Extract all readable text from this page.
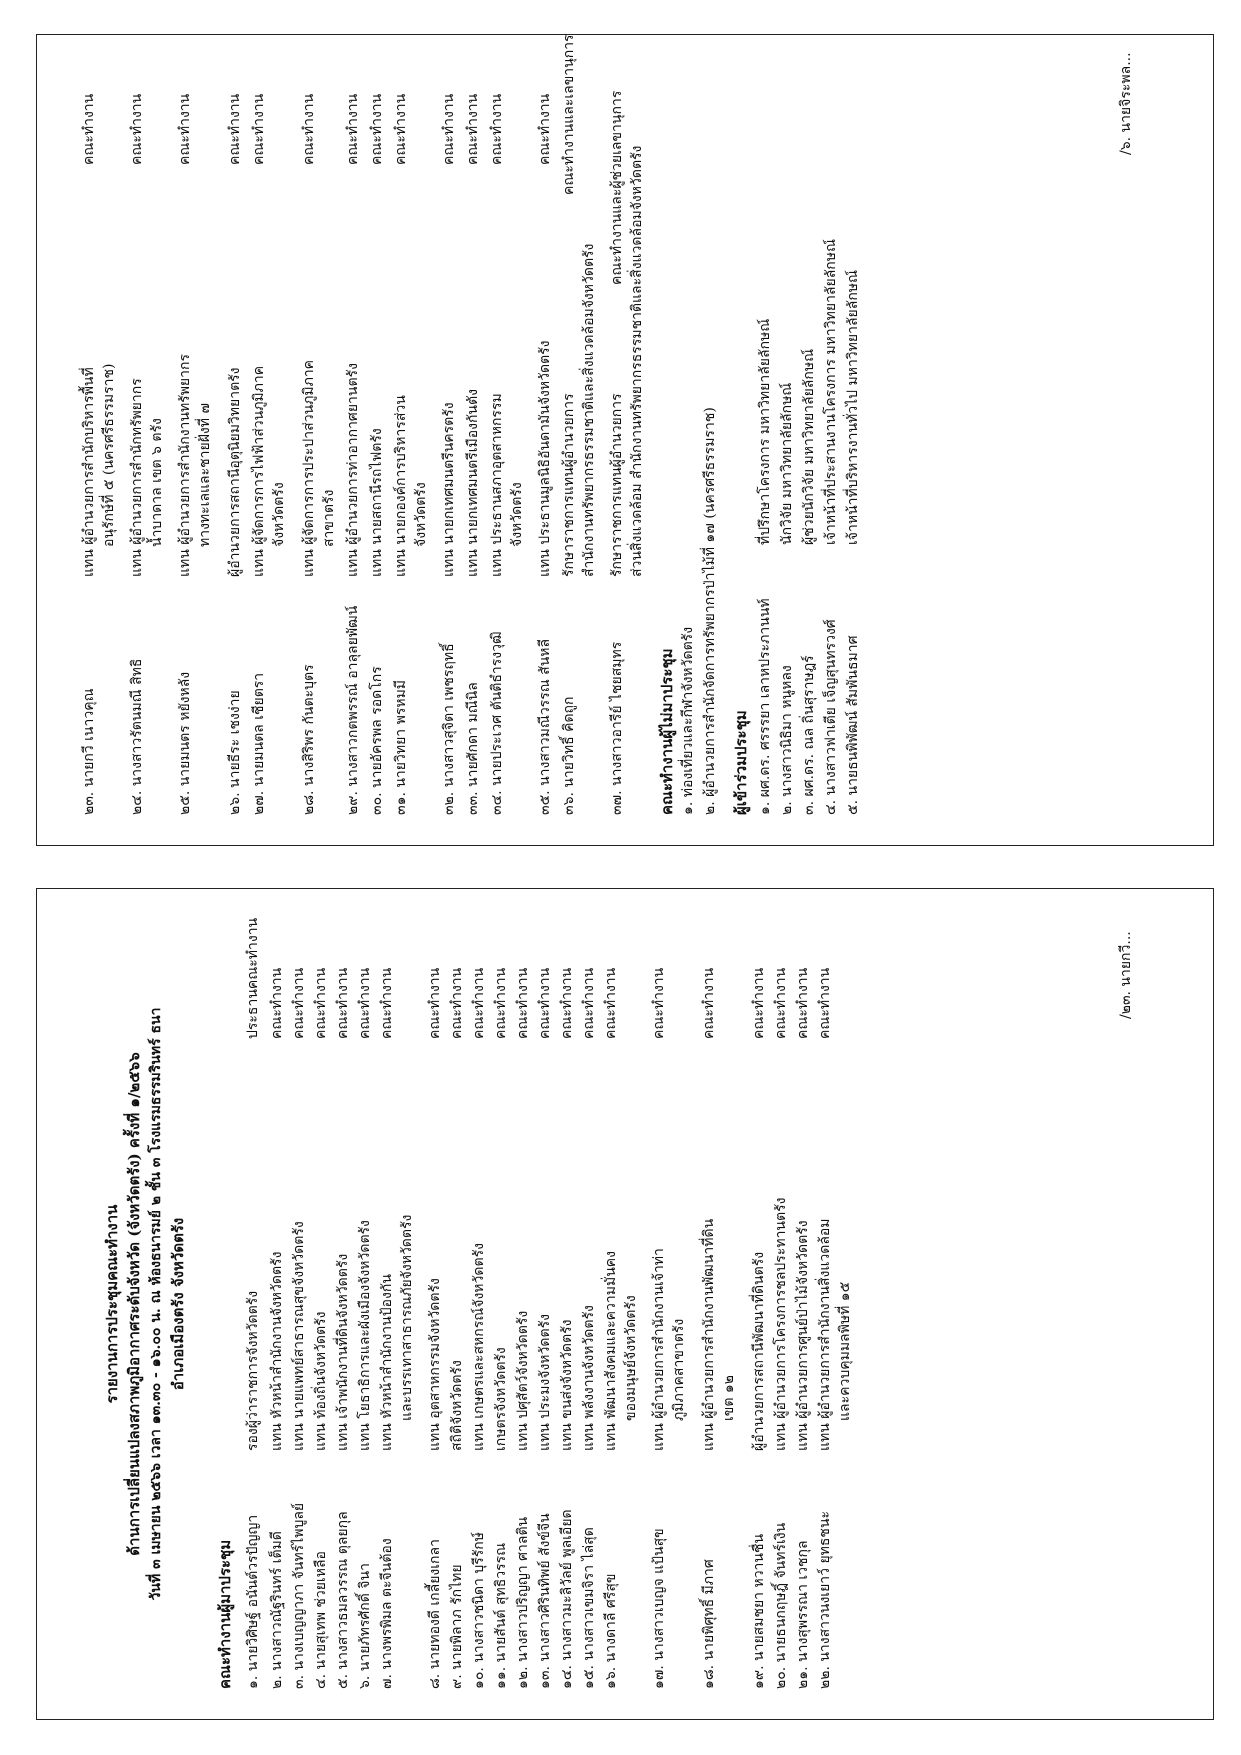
๒๓. นายกวี เนาวคุณ
แทน ผู้อำนวยการสำนักบริหารพื้นที่
คณะทำงาน
อนุรักษ์ที่ ๕ (นครศรีธรรมราช)
๒๔. นางสาวรัตนมณี สิทธิ
แทน ผู้อำนวยการสำนักทรัพยากร
คณะทำงาน
น้ำบาดาล เขต ๖ ตรัง
๒๕. นายมนตร หยังหลัง
แทน ผู้อำนวยการสำนักงานทรัพยากร
คณะทำงาน
ทางทะเลและชายฝั่งที่ ๗
๒๖. นายธีระ เชงง่าย
ผู้อำนวยการสถานีอุตุนิยมวิทยาตรัง
คณะทำงาน
๒๗. นายมนตล เชียตรา
แทน ผู้จัดการการไฟฟ้าส่วนภูมิภาค
คณะทำงาน
จังหวัดตรัง
๒๘. นางสิริพร กันตะบุตร
แทน ผู้จัดการการประปาส่วนภูมิภาค
คณะทำงาน
สาขาตรัง
๒๙. นางสาวกตพรรณ์ อาลุลยพัฒน์
แทน ผู้อำนวยการท่าอากาศยานตรัง
คณะทำงาน
๓๐. นายอัครพล รอดโกร
แทน นายสถานีรถไฟตรัง
คณะทำงาน
๓๑. นายวิทยา พรหมมี
แทน นายกองค์การบริหารส่วน
คณะทำงาน
จังหวัดตรัง
๓๒. นางสาวสุจิตา เพชรฤทธิ์
แทน นายกเทศมนตรีนครตรัง
คณะทำงาน
๓๓. นายศักดา มณีนิล
แทน นายกเทศมนตรีเมืองกันตัง
คณะทำงาน
๓๔. นายประเวศ ตันติธำรงวุฒิ
แทน ประธานสภาอุตสาหกรรม
คณะทำงาน
จังหวัดตรัง
๓๕. นางสาวมณีวรรณ สันหลี
แทน ประธานมูลนิธิอันดามันจังหวัดตรัง
คณะทำงาน
๓๖. นายวิทธิ์ คิดถูก
รักษาราชการแทนผู้อำนวยการ
คณะทำงานและเลขานุการ
สำนักงานทรัพยากรธรรมชาติและสิ่งแวดล้อมจังหวัดตรัง
๓๗. นางสาวอารีย์ ไชยสมุทร
รักษาราชการแทนผู้อำนวยการ
คณะทำงานและผู้ช่วยเลขานุการ ส่วนสิ่งแวดล้อม สำนักงานทรัพยากรธรรมชาติและสิ่งแวดล้อมจังหวัดตรัง
คณะทำงานผู้ไม่มาประชุม ๑. ท่องเที่ยวและกีฬาจังหวัดตรัง ๒. ผู้อำนวยการสำนักจัดการทรัพยากรป่าไม้ที่ ๑๗ (นครศรีธรรมราช) ผู้เข้าร่วมประชุม ๑. ผศ.ดร. ศรรรยา เลาหประภานนท์
ที่ปรึกษาโครงการ มหาวิทยาลัยลักษณ์
๒. นางสาวนิธิมา หนูหลง
นักวิจัย มหาวิทยาลัยลักษณ์
๓. ผศ.ดร. ณล ถิ่นสุราษฎร์
ผู้ช่วยนักวิจัย มหาวิทยาลัยลักษณ์
๔. นางสาวฟาเตีย เจ็ญสุนทรวงศ์
เจ้าหน้าที่ประสานงานโครงการ มหาวิทยาลัยลักษณ์
๕. นายธนพิพัฒน์ สัมพันธมาศ
เจ้าหน้าที่บริหารงานทั่วไป มหาวิทยาลัยลักษณ์
/๖. นายจิระพล...
รายงานการประชุมคณะทำงาน ด้านการเปลี่ยนแปลงสภาพภูมิอากาศระดับจังหวัด (จังหวัดตรัง) ครั้งที่ ๑/๒๕๖๖ วันที่ ๓ เมษายน ๒๕๖๖ เวลา ๑๓.๓๐ - ๑๖.๐๐ น. ณ ห้องธนารมย์ ๒ ชั้น ๓ โรงแรมธรรมรินทร์ ธนา อำเภอเมืองตรัง จังหวัดตรัง
คณะทำงานผู้มาประชุม ๑. นายวิศิษฐ์ อนันต์วรปัญญา
รองผู้ว่าราชการจังหวัดตรัง
ประธานคณะทำงาน
๒. นางสาวณัฐรินทร์ เต็มดี
แทน หัวหน้าสำนักงานจังหวัดตรัง
คณะทำงาน
๓. นางเบญญาภา จันทร์ไพบูลย์
แทน นายแพทย์สาธารณสุขจังหวัดตรัง
คณะทำงาน
๔. นายสุเทพ ช่วยเหลือ
แทน ท้องถิ่นจังหวัดตรัง
คณะทำงาน
๕. นางสาวธมลวรรณ ตุลยกุล
แทน เจ้าพนักงานที่ดินจังหวัดตรัง
คณะทำงาน
๖. นายภัทรศักดิ์ จินา
แทน โยธาธิการและผังเมืองจังหวัดตรัง
คณะทำงาน
๗. นางพรพิมล ตะจีนต้อง
แทน หัวหน้าสำนักงานป้องกัน
คณะทำงาน
และบรรเทาสาธารณภัยจังหวัดตรัง
๘. นายทองดี เกลี้ยงเกลา
แทน อุตสาหกรรมจังหวัดตรัง
คณะทำงาน
๙. นายพิลาภ รักไทย
สถิติจังหวัดตรัง
คณะทำงาน
๑๐. นางสาวชนิดา บุรีรักษ์
แทน เกษตรและสหกรณ์จังหวัดตรัง
คณะทำงาน
๑๑. นายสันต์ สุทธิวรรณ
เกษตรจังหวัดตรัง
คณะทำงาน
๑๒. นางสาวปริญญา ศาลติน
แทน ปศุสัตว์จังหวัดตรัง
คณะทำงาน
๑๓. นางสาวศิรินทิพย์ สังข์จีน
แทน ประมงจังหวัดตรัง
คณะทำงาน
๑๔. นางสาวมะลิวัลย์ พูลเอียด
แทน ขนส่งจังหวัดตรัง
คณะทำงาน
๑๕. นางสาวเขมจิรา ไล่สุด
แทน พลังงานจังหวัดตรัง
คณะทำงาน
๑๖. นางดาลี ศรีสุข
แทน พัฒนาสังคมและความมั่นคง
คณะทำงาน
ของมนุษย์จังหวัดตรัง
๑๗. นางสาวเบญจ แป้นสุข
แทน ผู้อำนวยการสำนักงานเจ้าท่า
คณะทำงาน
ภูมิภาคสาขาตรัง
๑๘. นายพิศุทธิ์ มีภาศ
แทน ผู้อำนวยการสำนักงานพัฒนาที่ดิน
คณะทำงาน
เขต ๑๒
๑๙. นายสมชยา หวานชื่น
ผู้อำนวยการสถานีพัฒนาที่ดินตรัง
คณะทำงาน
๒๐. นายธนกฤษฎิ์ จันทร์เงิน
แทน ผู้อำนวยการโครงการชลประทานตรัง
คณะทำงาน
๒๑. นางสุพรรณา เวชกุล
แทน ผู้อำนวยการศูนย์ป่าไม้จังหวัดตรัง
คณะทำงาน
๒๒. นางสาวนงเยาว์ ยุทธชนะ
แทน ผู้อำนวยการสำนักงานสิ่งแวดล้อม
คณะทำงาน
และควบคุมมลพิษที่ ๑๕
/๒๓. นายกวี...
